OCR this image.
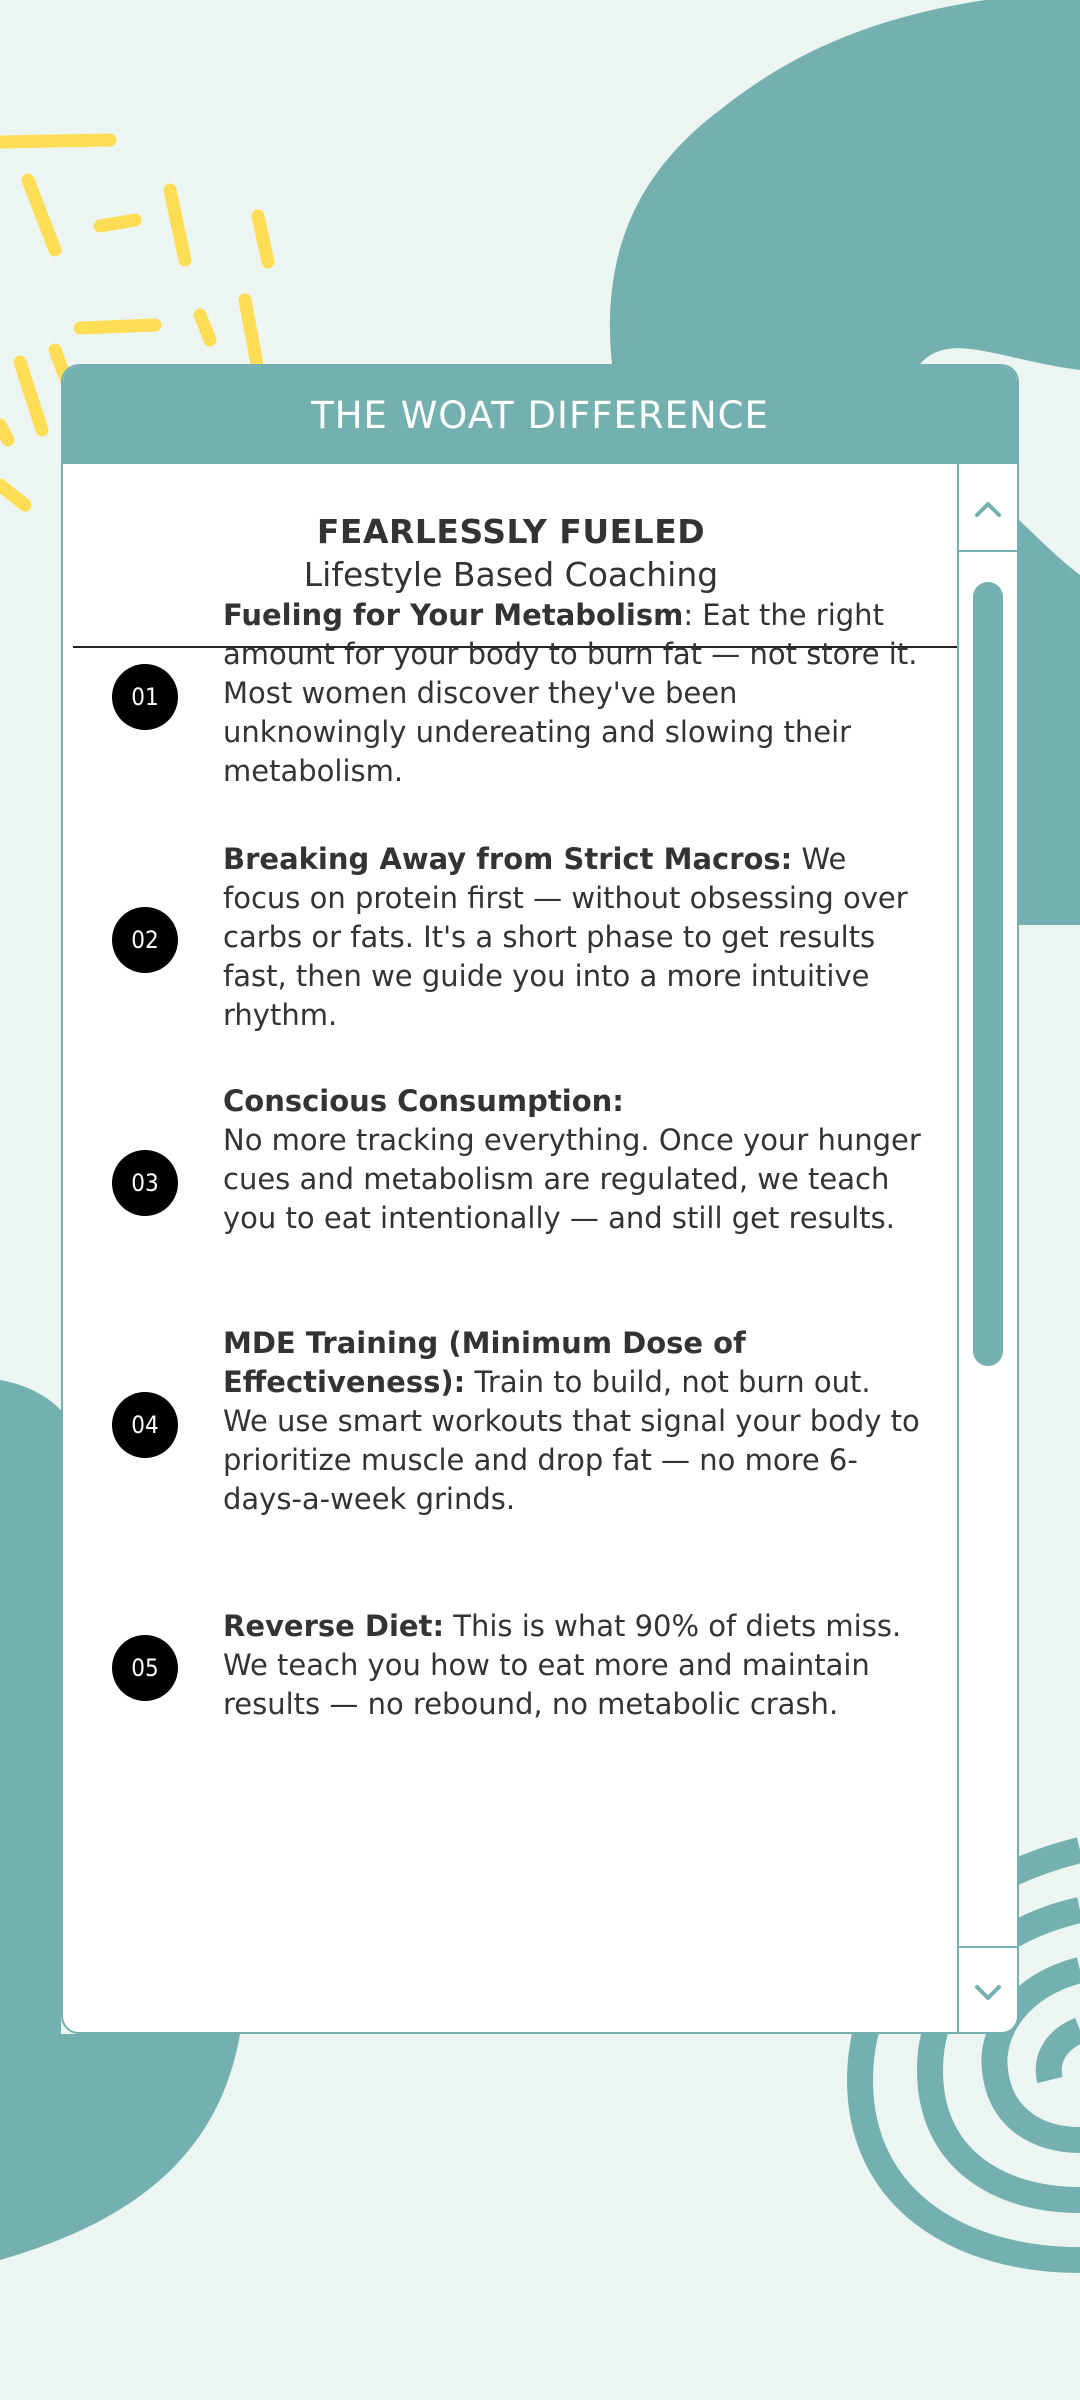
THE WOAT DIFFERENCE
FEARLESSLY FUELED
Lifestyle Based Coaching
01
Fueling for Your Metabolism: Eat the right amount for your body to burn fat — not store it. Most women discover they've been unknowingly undereating and slowing their metabolism.
02
Breaking Away from Strict Macros: We focus on protein first — without obsessing over carbs or fats. It's a short phase to get results fast, then we guide you into a more intuitive rhythm.
03
Conscious Consumption:
No more tracking everything. Once your hunger cues and metabolism are regulated, we teach you to eat intentionally — and still get results.
04
MDE Training (Minimum Dose of Effectiveness): Train to build, not burn out. We use smart workouts that signal your body to prioritize muscle and drop fat — no more 6-days-a-week grinds.
05
Reverse Diet: This is what 90% of diets miss. We teach you how to eat more and maintain results — no rebound, no metabolic crash.
